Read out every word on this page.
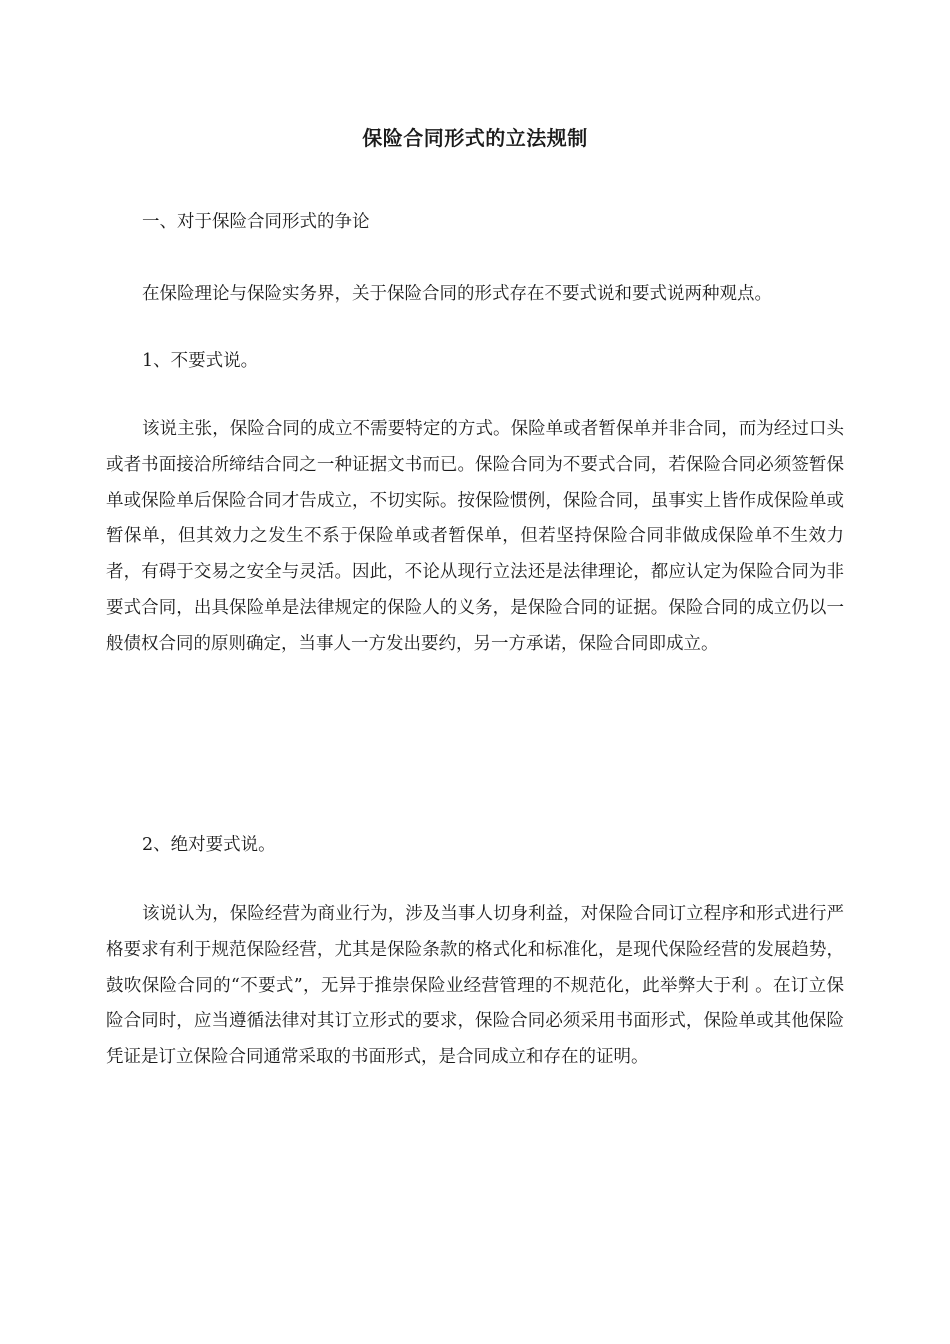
保险合同形式的立法规制

一、对于保险合同形式的争论

在保险理论与保险实务界，关于保险合同的形式存在不要式说和要式说两种观点。

1、不要式说。

该说主张，保险合同的成立不需要特定的方式。保险单或者暂保单并非合同，而为经过口头或者书面接洽所缔结合同之一种证据文书而已。保险合同为不要式合同，若保险合同必须签暂保单或保险单后保险合同才告成立，不切实际。按保险惯例，保险合同，虽事实上皆作成保险单或暂保单，但其效力之发生不系于保险单或者暂保单，但若坚持保险合同非做成保险单不生效力者，有碍于交易之安全与灵活。因此，不论从现行立法还是法律理论，都应认定为保险合同为非要式合同，出具保险单是法律规定的保险人的义务，是保险合同的证据。保险合同的成立仍以一般债权合同的原则确定，当事人一方发出要约，另一方承诺，保险合同即成立。

2、绝对要式说。

该说认为，保险经营为商业行为，涉及当事人切身利益，对保险合同订立程序和形式进行严格要求有利于规范保险经营，尤其是保险条款的格式化和标准化，是现代保险经营的发展趋势，鼓吹保险合同的“不要式”，无异于推崇保险业经营管理的不规范化，此举弊大于利 。在订立保险合同时，应当遵循法律对其订立形式的要求，保险合同必须采用书面形式，保险单或其他保险凭证是订立保险合同通常采取的书面形式，是合同成立和存在的证明。
